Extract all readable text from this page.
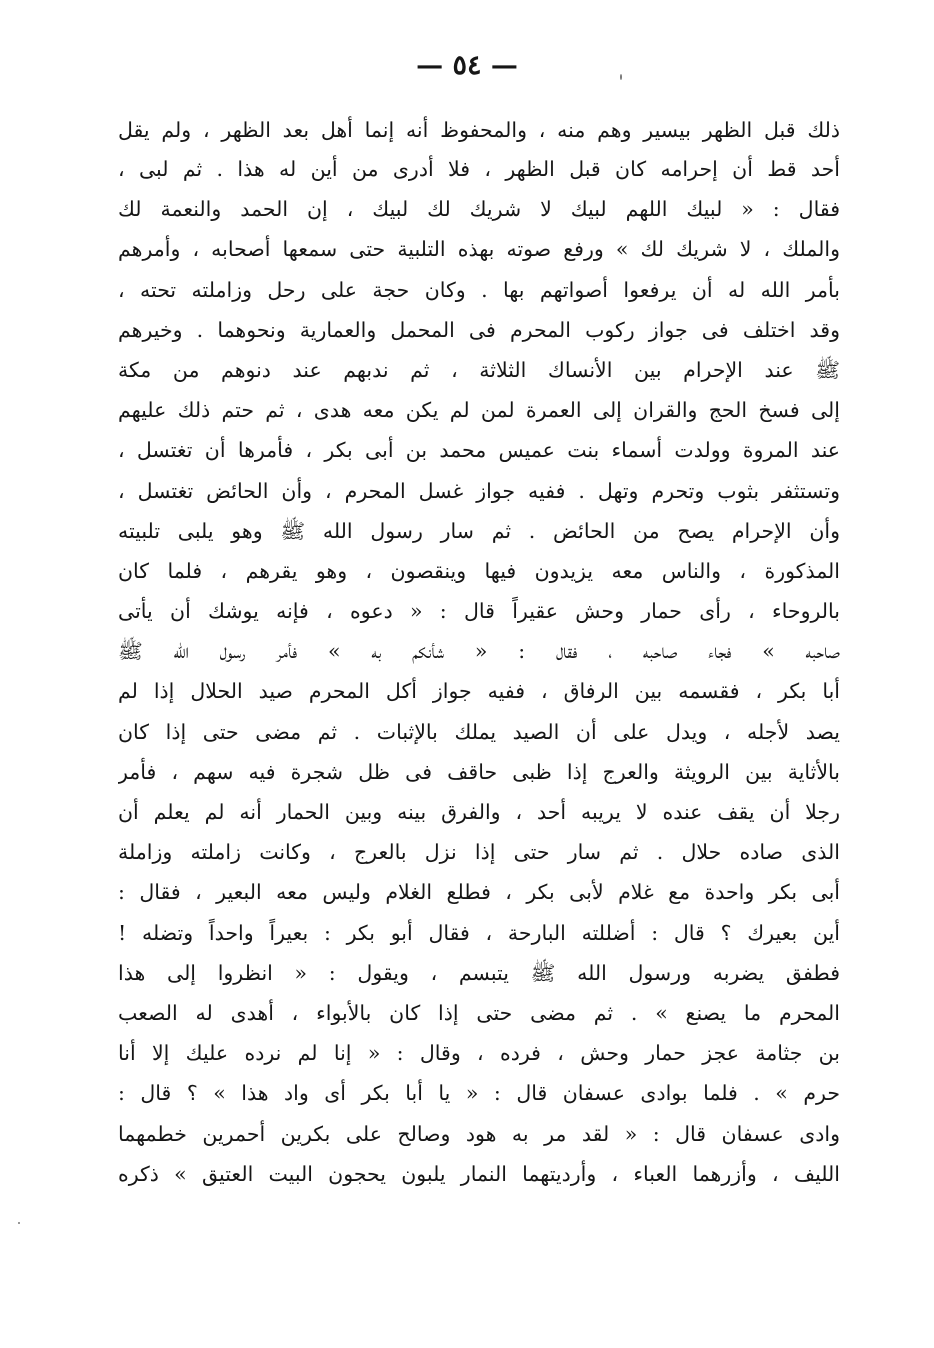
— ٥٤ —
ذلك قبل الظهر بيسير وهم منه ، والمحفوظ أنه إنما أهل بعد الظهر ، ولم يقل
أحد قط أن إحرامه كان قبل الظهر ، فلا أدرى من أين له هذا . ثم لبى ،
فقال : « لبيك اللهم لبيك لا شريك لك لبيك ، إن الحمد والنعمة لك
والملك ، لا شريك لك » ورفع صوته بهذه التلبية حتى سمعها أصحابه ، وأمرهم
بأمر الله له أن يرفعوا أصواتهم بها . وكان حجة على رحل وزاملته تحته ،
وقد اختلف فى جواز ركوب المحرم فى المحمل والعمارية ونحوهما . وخيرهم
ﷺ عند الإحرام بين الأنساك الثلاثة ، ثم ندبهم عند دنوهم من مكة
إلى فسخ الحج والقران إلى العمرة لمن لم يكن معه هدى ، ثم حتم ذلك عليهم
عند المروة وولدت أسماء بنت عميس محمد بن أبى بكر ، فأمرها أن تغتسل ،
وتستثفر بثوب وتحرم وتهل . ففيه جواز غسل المحرم ، وأن الحائض تغتسل ،
وأن الإحرام يصح من الحائض . ثم سار رسول الله ﷺ وهو يلبى تلبيته
المذكورة ، والناس معه يزيدون فيها وينقصون ، وهو يقرهم ، فلما كان
بالروحاء ، رأى حمار وحش عقيراً قال : « دعوه ، فإنه يوشك أن يأتى
صاحبه » فجاء صاحبه ، فقال : « شأنكم به » فأمر رسول الله ﷺ
أبا بكر ، فقسمه بين الرفاق ، ففيه جواز أكل المحرم صيد الحلال إذا لم
يصد لأجله ، ويدل على أن الصيد يملك بالإثبات . ثم مضى حتى إذا كان
بالأثاية بين الرويثة والعرج إذا ظبى حاقف فى ظل شجرة فيه سهم ، فأمر
رجلا أن يقف عنده لا يريبه أحد ، والفرق بينه وبين الحمار أنه لم يعلم أن
الذى صاده حلال . ثم سار حتى إذا نزل بالعرج ، وكانت زاملته وزاملة
أبى بكر واحدة مع غلام لأبى بكر ، فطلع الغلام وليس معه البعير ، فقال :
أين بعيرك ؟ قال : أضللته البارحة ، فقال أبو بكر : بعيراً واحداً وتضله !
فطفق يضربه ورسول الله ﷺ يتبسم ، ويقول : « انظروا إلى هذا
المحرم ما يصنع » . ثم مضى حتى إذا كان بالأبواء ، أهدى له الصعب
بن جثامة عجز حمار وحش ، فرده ، وقال : « إنا لم نرده عليك إلا أنا
حرم » . فلما بوادى عسفان قال : « يا أبا بكر أى واد هذا » ؟ قال :
وادى عسفان قال : « لقد مر به هود وصالح على بكرين أحمرين خطمهما
الليف ، وأزرهما العباء ، وأرديتهما النمار يلبون يحجون البيت العتيق » ذكره
